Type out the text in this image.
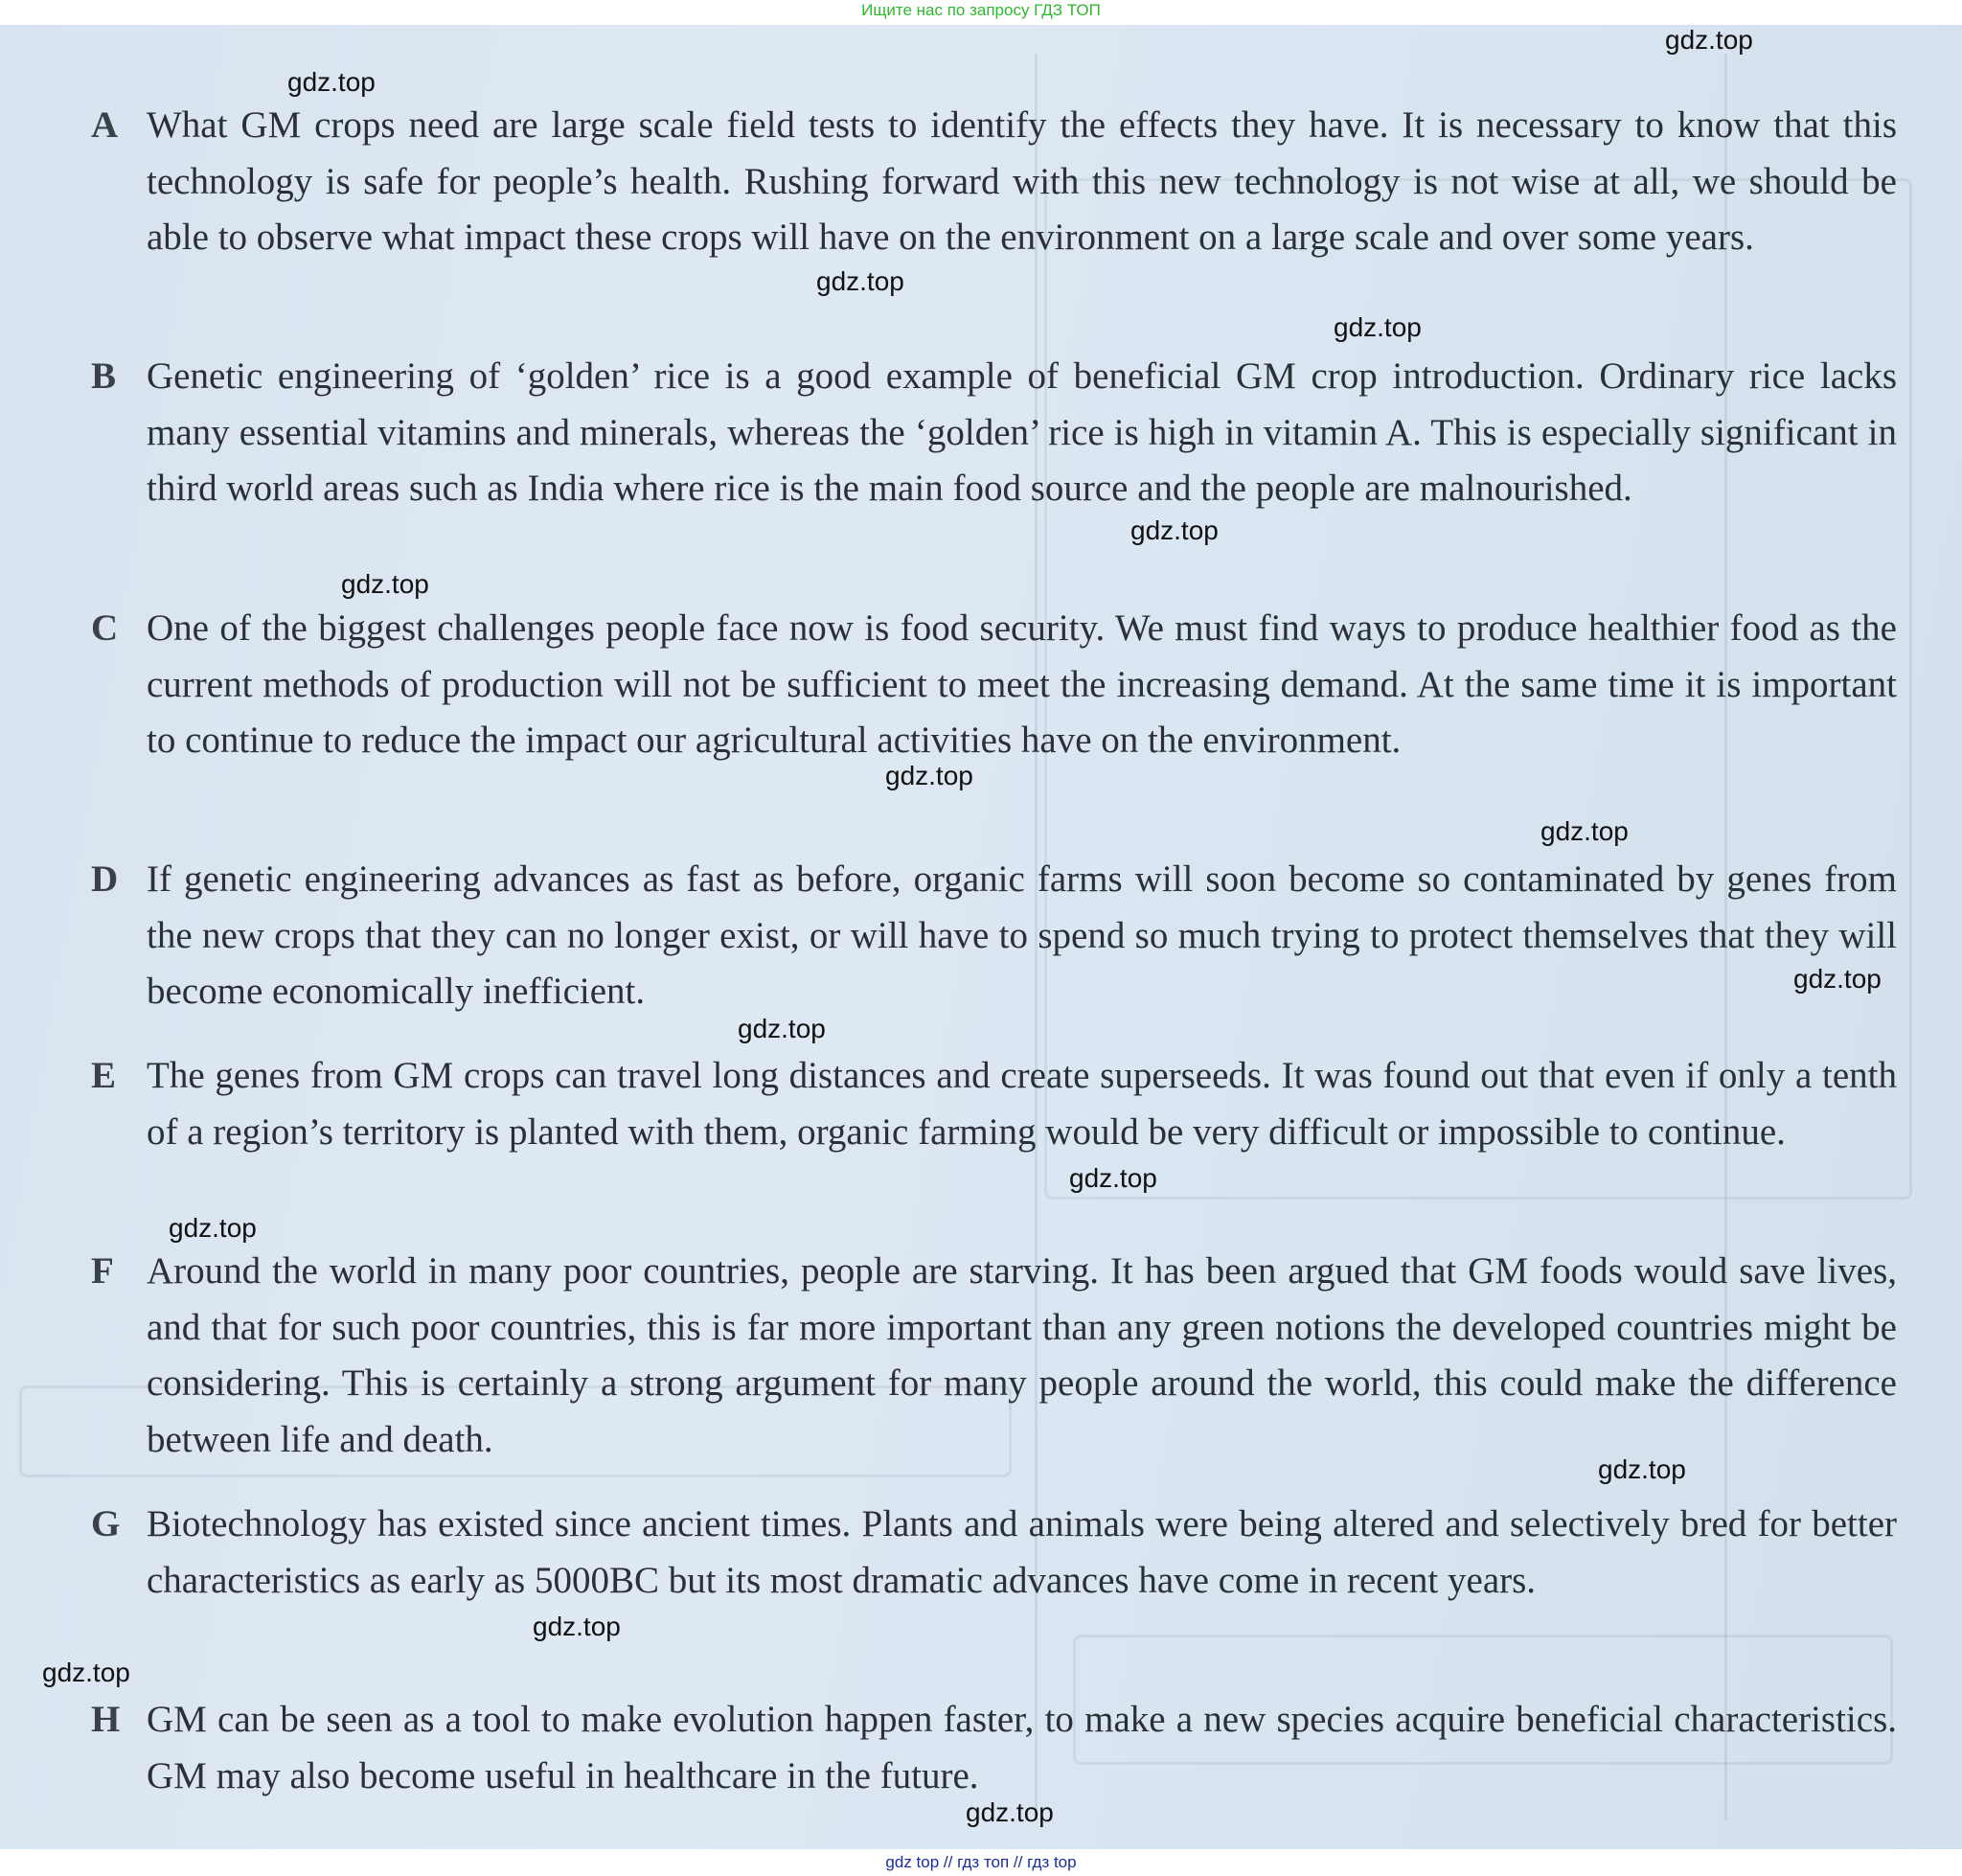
Ищите нас по запросу ГДЗ ТОП
A What GM crops need are large scale field tests to identify the effects they have. It is necessary to know that this technology is safe for people’s health. Rushing forward with this new technology is not wise at all, we should be able to observe what impact these crops will have on the environment on a large scale and over some years.
B Genetic engineering of ‘golden’ rice is a good example of beneficial GM crop introduction. Ordinary rice lacks many essential vitamins and minerals, whereas the ‘golden’ rice is high in vitamin A. This is especially significant in third world areas such as India where rice is the main food source and the people are malnourished.
C One of the biggest challenges people face now is food security. We must find ways to produce healthier food as the current methods of production will not be sufficient to meet the increasing demand. At the same time it is important to continue to reduce the impact our agricultural activities have on the environment.
D If genetic engineering advances as fast as before, organic farms will soon become so contaminated by genes from the new crops that they can no longer exist, or will have to spend so much trying to protect themselves that they will become economically inefficient.
E The genes from GM crops can travel long distances and create superseeds. It was found out that even if only a tenth of a region’s territory is planted with them, organic farming would be very difficult or impossible to continue.
F Around the world in many poor countries, people are starving. It has been argued that GM foods would save lives, and that for such poor countries, this is far more important than any green notions the developed countries might be considering. This is certainly a strong argument for many people around the world, this could make the difference between life and death.
G Biotechnology has existed since ancient times. Plants and animals were being altered and selectively bred for better characteristics as early as 5000BC but its most dramatic advances have come in recent years.
H GM can be seen as a tool to make evolution happen faster, to make a new species acquire beneficial characteristics. GM may also become useful in healthcare in the future.
gdz.top
gdz.top
gdz.top
gdz.top
gdz.top
gdz.top
gdz.top
gdz.top
gdz.top
gdz.top
gdz.top
gdz.top
gdz.top
gdz.top
gdz.top
gdz.top
gdz top // гдз топ // гдз top
